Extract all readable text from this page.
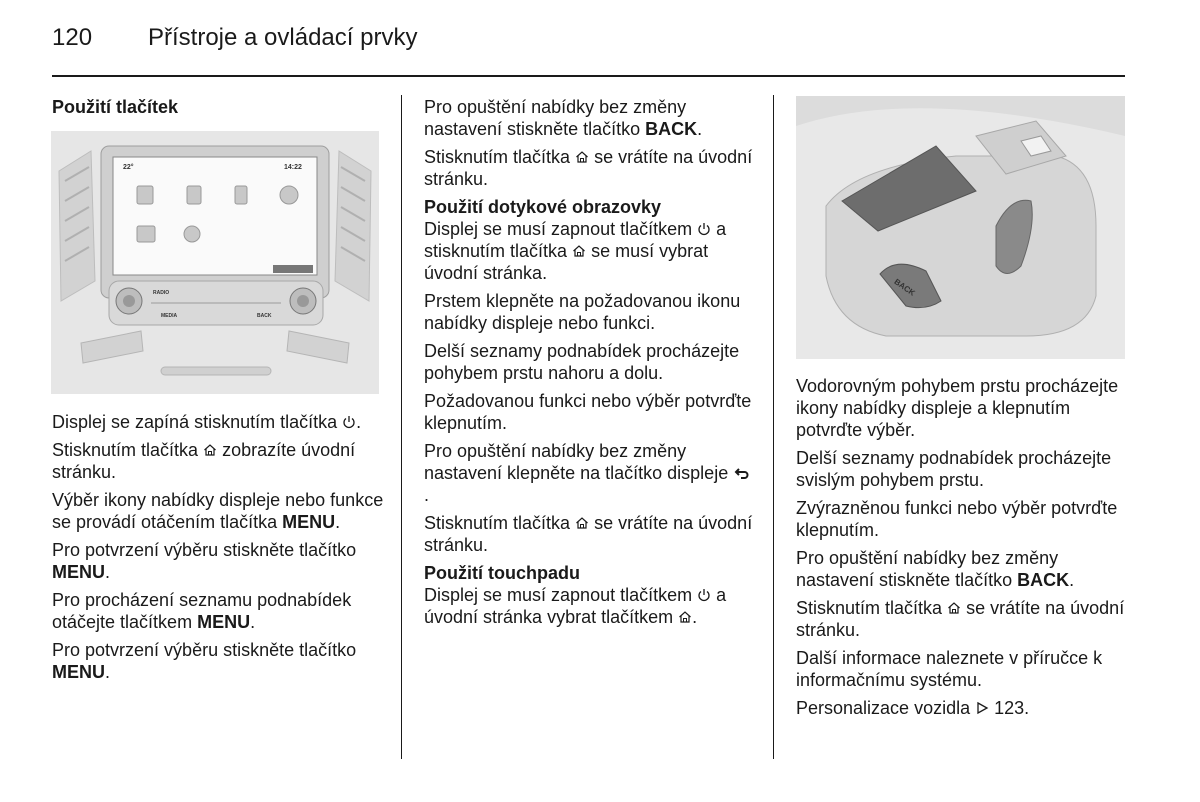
120 Přístroje a ovládací prvky

Použití tlačítek

22°	14:22
RADIO
MEDIA	BACK

Displej se zapíná stisknutím tlačítka .

Stisknutím tlačítka zobrazíte úvodní stránku.

Výběr ikony nabídky displeje nebo funkce se provádí otáčením tlačítka MENU.

Pro potvrzení výběru stiskněte tlačítko MENU.

Pro procházení seznamu podnabídek otáčejte tlačítkem MENU.

Pro potvrzení výběru stiskněte tlačítko MENU.

Pro opuštění nabídky bez změny nastavení stiskněte tlačítko BACK.

Stisknutím tlačítka se vrátíte na úvodní stránku.

Použití dotykové obrazovky

Displej se musí zapnout tlačítkem a stisknutím tlačítka se musí vybrat úvodní stránka.

Prstem klepněte na požadovanou ikonu nabídky displeje nebo funkci.

Delší seznamy podnabídek procházejte pohybem prstu nahoru a dolu.

Požadovanou funkci nebo výběr potvrďte klepnutím.

Pro opuštění nabídky bez změny nastavení klepněte na tlačítko displeje .

Stisknutím tlačítka se vrátíte na úvodní stránku.

Použití touchpadu

Displej se musí zapnout tlačítkem a úvodní stránka vybrat tlačítkem .

BACK

Vodorovným pohybem prstu procházejte ikony nabídky displeje a klepnutím potvrďte výběr.

Delší seznamy podnabídek procházejte svislým pohybem prstu.

Zvýrazněnou funkci nebo výběr potvrďte klepnutím.

Pro opuštění nabídky bez změny nastavení stiskněte tlačítko BACK.

Stisknutím tlačítka se vrátíte na úvodní stránku.

Další informace naleznete v příručce k informačnímu systému.

Personalizace vozidla 123.
